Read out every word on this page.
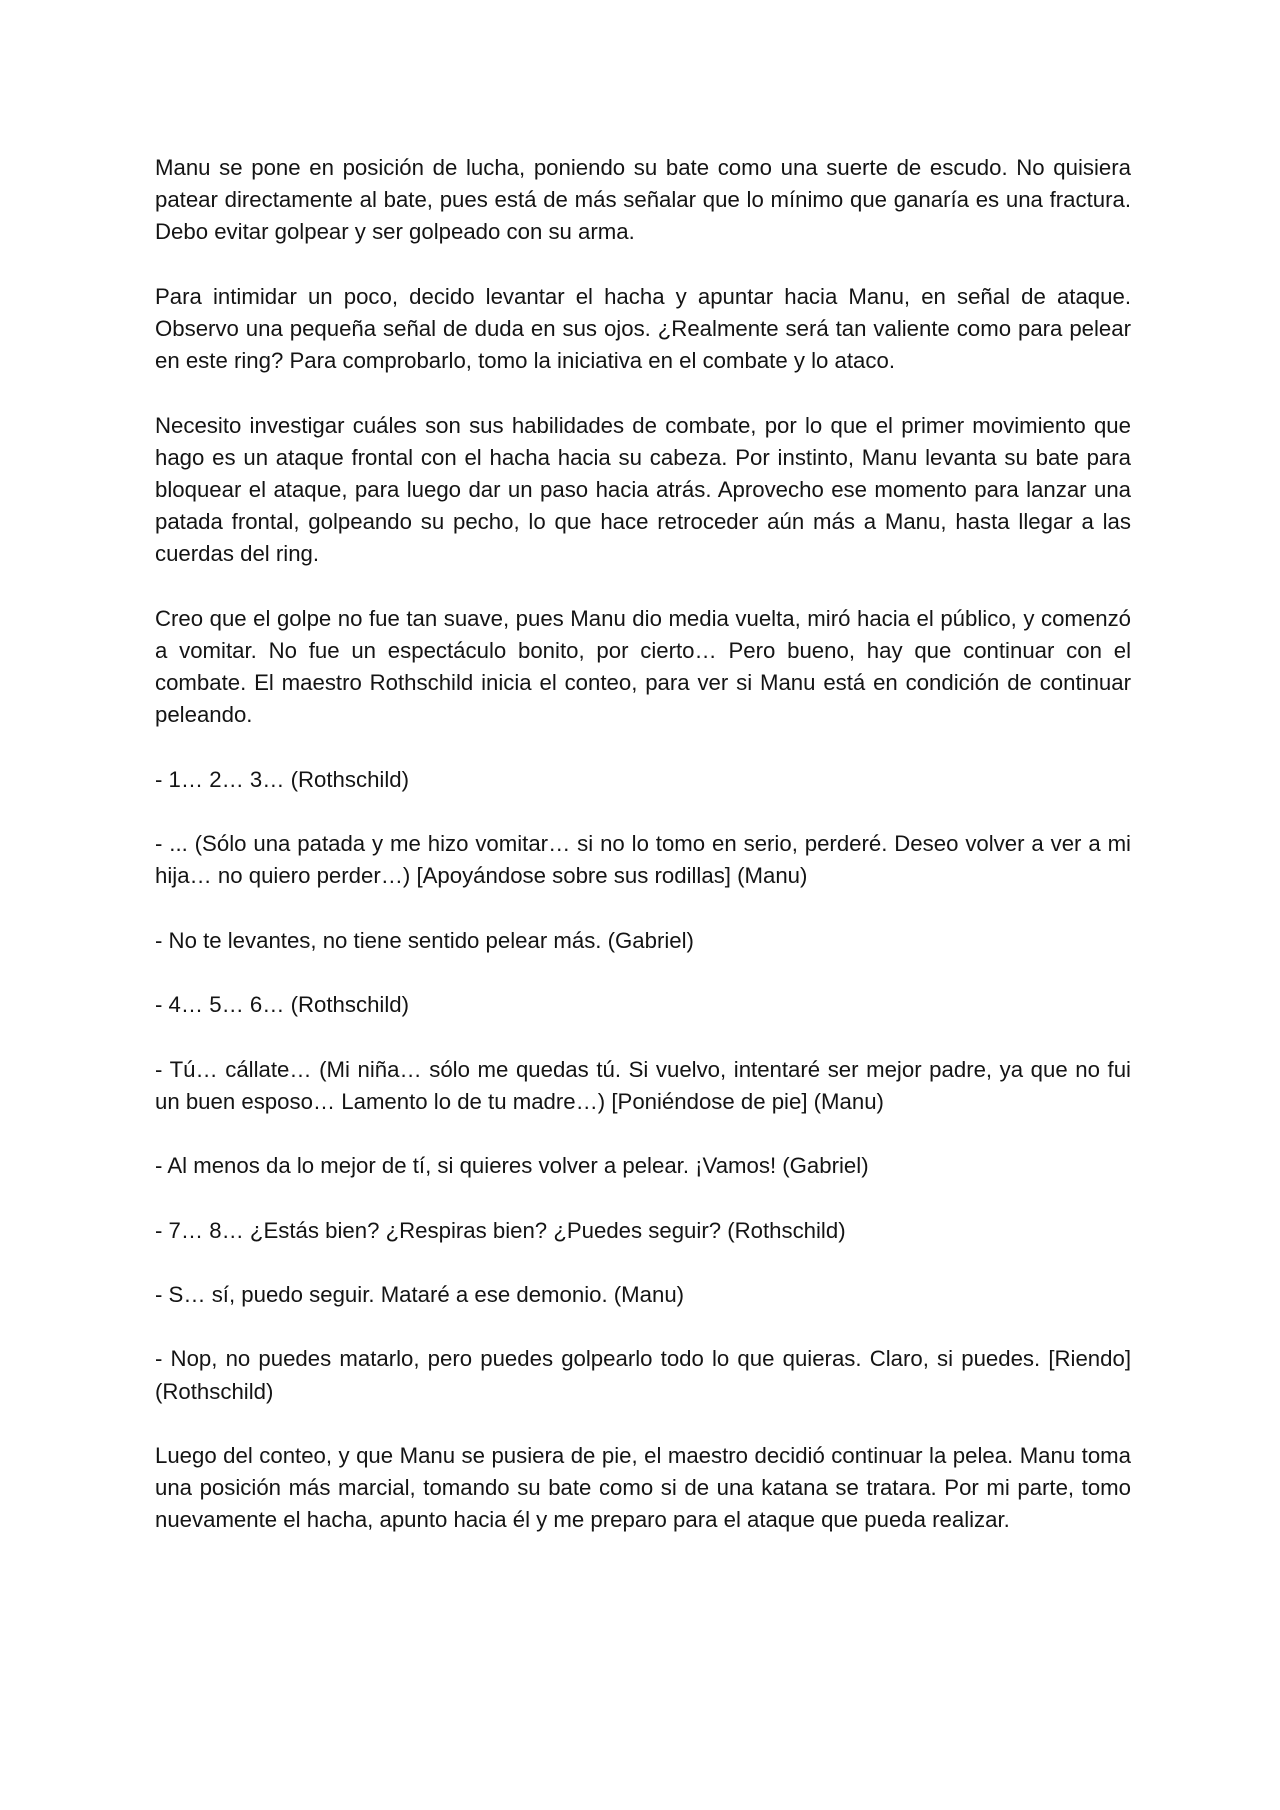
Manu se pone en posición de lucha, poniendo su bate como una suerte de escudo. No quisiera patear directamente al bate, pues está de más señalar que lo mínimo que ganaría es una fractura. Debo evitar golpear y ser golpeado con su arma.

Para intimidar un poco, decido levantar el hacha y apuntar hacia Manu, en señal de ataque. Observo una pequeña señal de duda en sus ojos. ¿Realmente será tan valiente como para pelear en este ring? Para comprobarlo, tomo la iniciativa en el combate y lo ataco.

Necesito investigar cuáles son sus habilidades de combate, por lo que el primer movimiento que hago es un ataque frontal con el hacha hacia su cabeza. Por instinto, Manu levanta su bate para bloquear el ataque, para luego dar un paso hacia atrás. Aprovecho ese momento para lanzar una patada frontal, golpeando su pecho, lo que hace retroceder aún más a Manu, hasta llegar a las cuerdas del ring.

Creo que el golpe no fue tan suave, pues Manu dio media vuelta, miró hacia el público, y comenzó a vomitar. No fue un espectáculo bonito, por cierto… Pero bueno, hay que continuar con el combate. El maestro Rothschild inicia el conteo, para ver si Manu está en condición de continuar peleando.

- 1… 2… 3… (Rothschild)

- ... (Sólo una patada y me hizo vomitar… si no lo tomo en serio, perderé. Deseo volver a ver a mi hija… no quiero perder…) [Apoyándose sobre sus rodillas] (Manu)

- No te levantes, no tiene sentido pelear más. (Gabriel)

- 4… 5… 6… (Rothschild)

- Tú… cállate… (Mi niña… sólo me quedas tú. Si vuelvo, intentaré ser mejor padre, ya que no fui un buen esposo… Lamento lo de tu madre…) [Poniéndose de pie] (Manu)

- Al menos da lo mejor de tí, si quieres volver a pelear. ¡Vamos! (Gabriel)

- 7… 8… ¿Estás bien? ¿Respiras bien? ¿Puedes seguir? (Rothschild)

- S… sí, puedo seguir. Mataré a ese demonio. (Manu)

- Nop, no puedes matarlo, pero puedes golpearlo todo lo que quieras. Claro, si puedes. [Riendo] (Rothschild)

Luego del conteo, y que Manu se pusiera de pie, el maestro decidió continuar la pelea. Manu toma una posición más marcial, tomando su bate como si de una katana se tratara. Por mi parte, tomo nuevamente el hacha, apunto hacia él y me preparo para el ataque que pueda realizar.
